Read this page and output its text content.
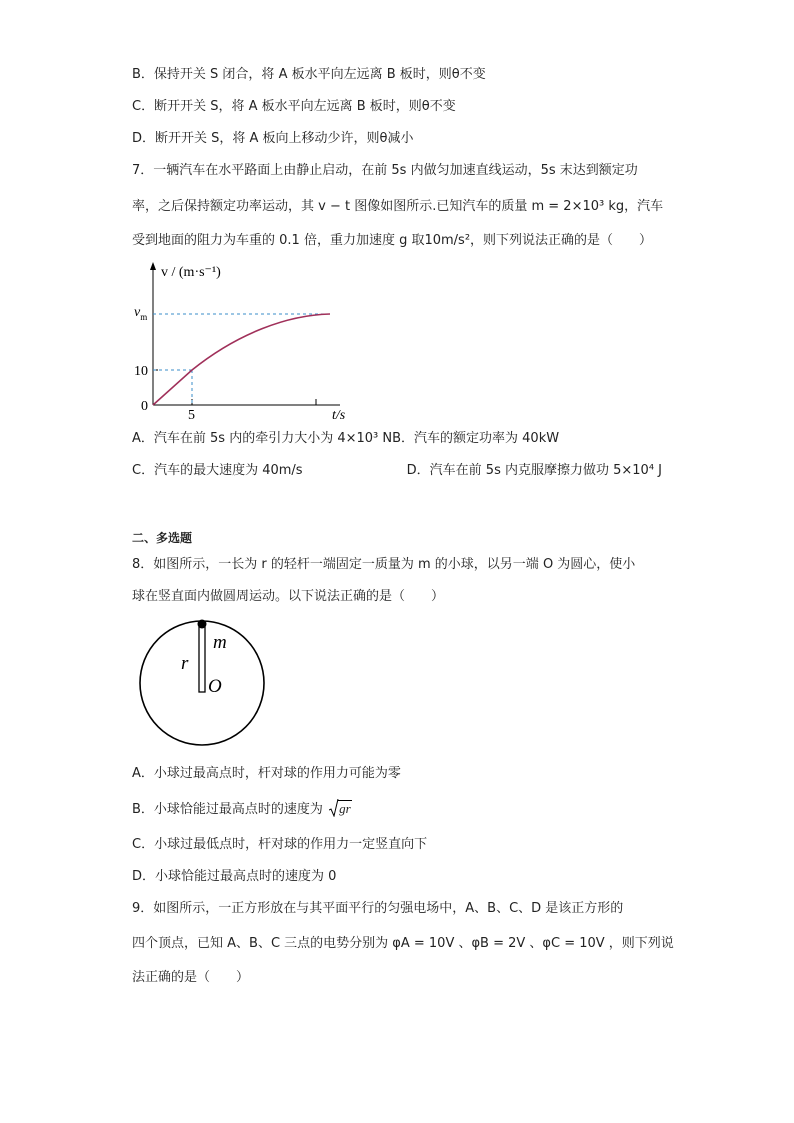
B．保持开关 S 闭合，将 A 板水平向左远离 B 板时，则θ不变
C．断开开关 S，将 A 板水平向左远离 B 板时，则θ不变
D．断开开关 S，将 A 板向上移动少许，则θ减小
7．一辆汽车在水平路面上由静止启动，在前 5s 内做匀加速直线运动，5s 末达到额定功
率，之后保持额定功率运动，其 v − t 图像如图所示.已知汽车的质量 m = 2×10³ kg，汽车
受到地面的阻力为车重的 0.1 倍，重力加速度 g 取10m/s²，则下列说法正确的是（　　）
v / (m·s⁻¹)
$v_m$
10
0
5	t/s
A．汽车在前 5s 内的牵引力大小为 4×10³ N B．汽车的额定功率为 40kW
C．汽车的最大速度为 40m/s	D．汽车在前 5s 内克服摩擦力做功 5×10⁴ J
二、多选题
8．如图所示，一长为 r 的轻杆一端固定一质量为 m 的小球，以另一端 O 为圆心，使小
球在竖直面内做圆周运动。以下说法正确的是（　　）
m
r
O
A．小球过最高点时，杆对球的作用力可能为零
B．小球恰能过最高点时的速度为 gr
C．小球过最低点时，杆对球的作用力一定竖直向下
D．小球恰能过最高点时的速度为 0
9．如图所示，一正方形放在与其平面平行的匀强电场中，A、B、C、D 是该正方形的
四个顶点，已知 A、B、C 三点的电势分别为 φA = 10V 、φB = 2V 、φC = 10V ，则下列说
法正确的是（　　）
